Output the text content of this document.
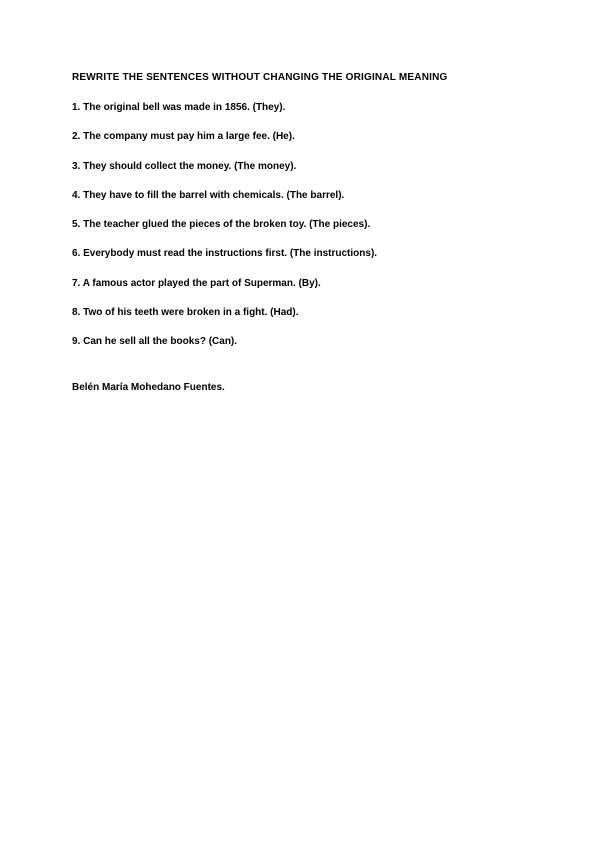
REWRITE THE SENTENCES WITHOUT CHANGING THE ORIGINAL MEANING
1. The original bell was made in 1856. (They).
2. The company must pay him a large fee. (He).
3. They should collect the money. (The money).
4. They have to fill the barrel with chemicals. (The barrel).
5. The teacher glued the pieces of the broken toy. (The pieces).
6. Everybody must read the instructions first. (The instructions).
7. A famous actor played the part of Superman. (By).
8. Two of his teeth were broken in a fight. (Had).
9. Can he sell all the books? (Can).
Belén María Mohedano Fuentes.
